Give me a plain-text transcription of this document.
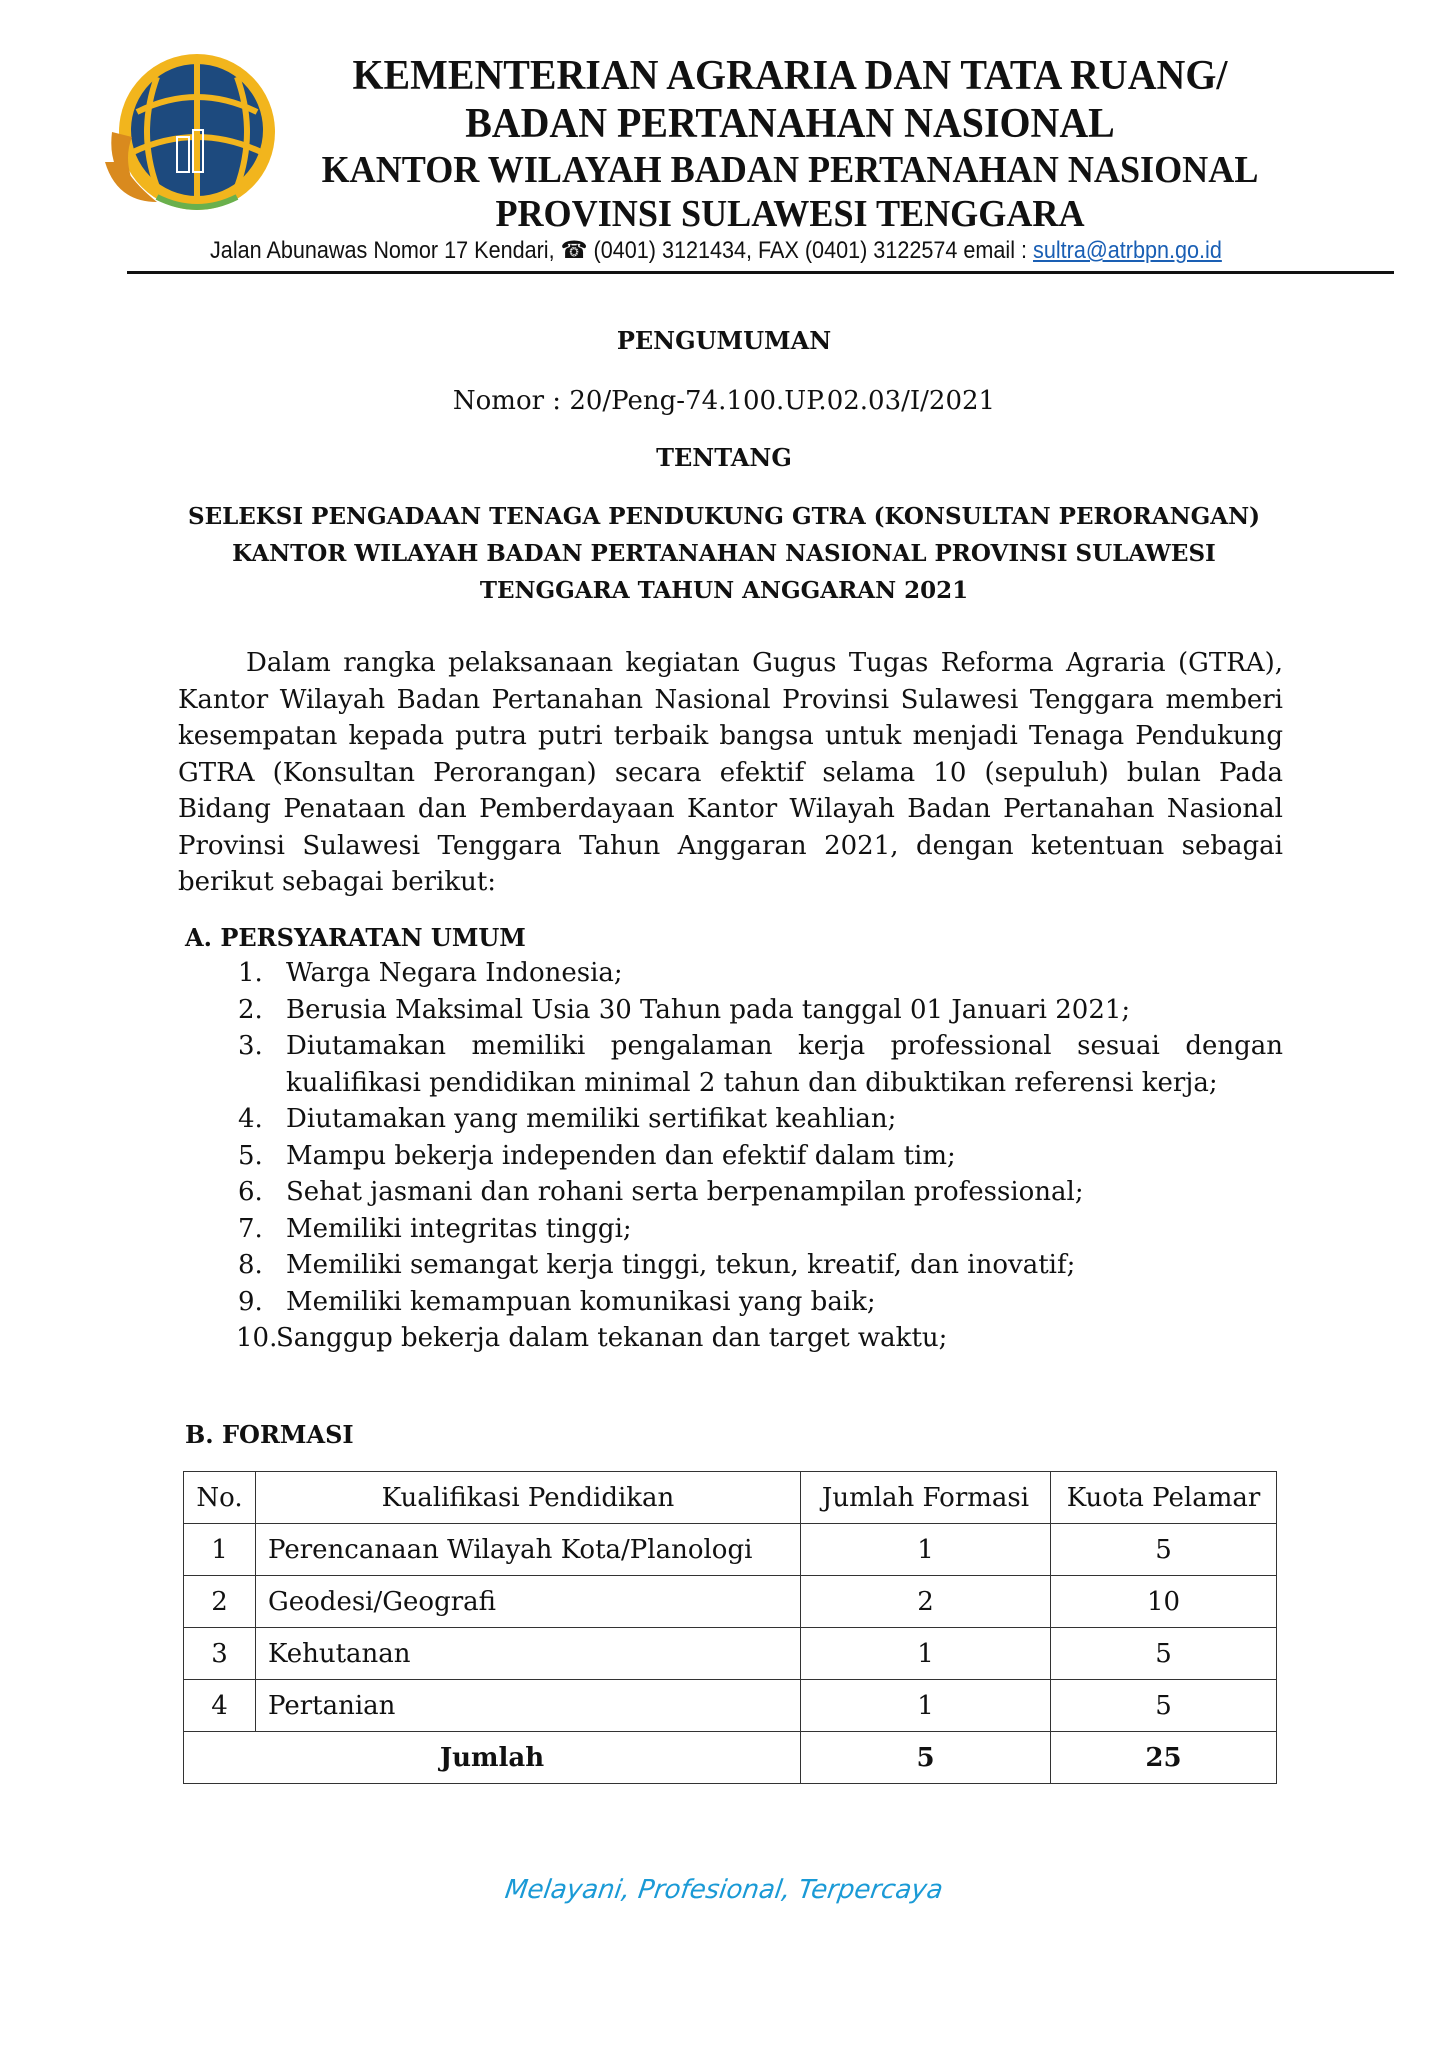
KEMENTERIAN AGRARIA DAN TATA RUANG/
BADAN PERTANAHAN NASIONAL
KANTOR WILAYAH BADAN PERTANAHAN NASIONAL
PROVINSI SULAWESI TENGGARA
Jalan Abunawas Nomor 17 Kendari, ☎ (0401) 3121434, FAX (0401) 3122574 email : sultra@atrbpn.go.id
PENGUMUMAN
Nomor : 20/Peng-74.100.UP.02.03/I/2021
TENTANG
SELEKSI PENGADAAN TENAGA PENDUKUNG GTRA (KONSULTAN PERORANGAN)
KANTOR WILAYAH BADAN PERTANAHAN NASIONAL PROVINSI SULAWESI
TENGGARA TAHUN ANGGARAN 2021
Dalam rangka pelaksanaan kegiatan Gugus Tugas Reforma Agraria (GTRA), Kantor Wilayah Badan Pertanahan Nasional Provinsi Sulawesi Tenggara memberi kesempatan kepada putra putri terbaik bangsa untuk menjadi Tenaga Pendukung GTRA (Konsultan Perorangan) secara efektif selama 10 (sepuluh) bulan Pada Bidang Penataan dan Pemberdayaan Kantor Wilayah Badan Pertanahan Nasional Provinsi Sulawesi Tenggara Tahun Anggaran 2021, dengan ketentuan sebagai berikut sebagai berikut:
A. PERSYARATAN UMUM
1. Warga Negara Indonesia;
2. Berusia Maksimal Usia 30 Tahun pada tanggal 01 Januari 2021;
3. Diutamakan memiliki pengalaman kerja professional sesuai dengan kualifikasi pendidikan minimal 2 tahun dan dibuktikan referensi kerja;
4. Diutamakan yang memiliki sertifikat keahlian;
5. Mampu bekerja independen dan efektif dalam tim;
6. Sehat jasmani dan rohani serta berpenampilan professional;
7. Memiliki integritas tinggi;
8. Memiliki semangat kerja tinggi, tekun, kreatif, dan inovatif;
9. Memiliki kemampuan komunikasi yang baik;
10.
Sanggup bekerja dalam tekanan dan target waktu;
B. FORMASI
No.	Kualifikasi Pendidikan	Jumlah Formasi	Kuota Pelamar
1	Perencanaan Wilayah Kota/Planologi	1	5
2	Geodesi/Geografi	2	10
3	Kehutanan	1	5
4	Pertanian	1	5
Jumlah		5	25
Melayani, Profesional, Terpercaya
